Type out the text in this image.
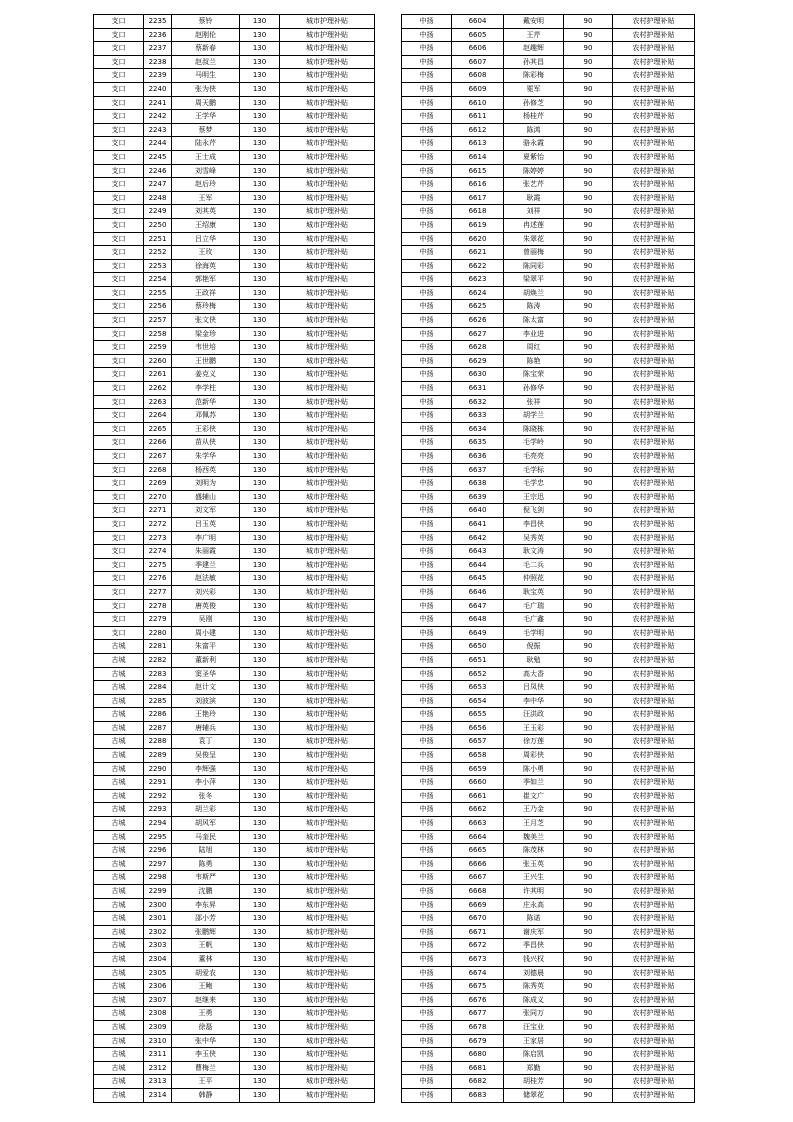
支口	2235	蔡铃	130	城市护理补贴
支口	2236	赵刚伦	130	城市护理补贴
支口	2237	蔡新春	130	城市护理补贴
支口	2238	赵叔兰	130	城市护理补贴
支口	2239	马明生	130	城市护理补贴
支口	2240	张为侠	130	城市护理补贴
支口	2241	周天鹏	130	城市护理补贴
支口	2242	王学华	130	城市护理补贴
支口	2243	蔡梦	130	城市护理补贴
支口	2244	陆永芹	130	城市护理补贴
支口	2245	王士成	130	城市护理补贴
支口	2246	刘雪峰	130	城市护理补贴
支口	2247	赵后玲	130	城市护理补贴
支口	2248	王军	130	城市护理补贴
支口	2249	刘其英	130	城市护理补贴
支口	2250	王绍康	130	城市护理补贴
支口	2251	吕立华	130	城市护理补贴
支口	2252	王玫	130	城市护理补贴
支口	2253	徐海英	130	城市护理补贴
支口	2254	郭艳军	130	城市护理补贴
支口	2255	王政祥	130	城市护理补贴
支口	2256	蔡玲梅	130	城市护理补贴
支口	2257	张文侠	130	城市护理补贴
支口	2258	梁金珍	130	城市护理补贴
支口	2259	韦世培	130	城市护理补贴
支口	2260	王世鹏	130	城市护理补贴
支口	2261	姜克义	130	城市护理补贴
支口	2262	李学柱	130	城市护理补贴
支口	2263	范新华	130	城市护理补贴
支口	2264	邓佩苏	130	城市护理补贴
支口	2265	王彩侠	130	城市护理补贴
支口	2266	苗从侠	130	城市护理补贴
支口	2267	朱学华	130	城市护理补贴
支口	2268	杨西英	130	城市护理补贴
支口	2269	刘明为	130	城市护理补贴
支口	2270	盛辅山	130	城市护理补贴
支口	2271	刘文军	130	城市护理补贴
支口	2272	吕玉英	130	城市护理补贴
支口	2273	李广明	130	城市护理补贴
支口	2274	朱丽霞	130	城市护理补贴
支口	2275	季建兰	130	城市护理补贴
支口	2276	赵法敏	130	城市护理补贴
支口	2277	刘兴彩	130	城市护理补贴
支口	2278	唐英俊	130	城市护理补贴
支口	2279	吴刚	130	城市护理补贴
支口	2280	周小建	130	城市护理补贴
古城	2281	朱富平	130	城市护理补贴
古城	2282	董新利	130	城市护理补贴
古城	2283	窦圣华	130	城市护理补贴
古城	2284	赵计文	130	城市护理补贴
古城	2285	刘波滨	130	城市护理补贴
古城	2286	王艳玲	130	城市护理补贴
古城	2287	唐辅兵	130	城市护理补贴
古城	2288	袁丁	130	城市护理补贴
古城	2289	吴俊呈	130	城市护理补贴
古城	2290	李辉强	130	城市护理补贴
古城	2291	李小萍	130	城市护理补贴
古城	2292	张冬	130	城市护理补贴
古城	2293	胡兰彩	130	城市护理补贴
古城	2294	胡风军	130	城市护理补贴
古城	2295	马奎民	130	城市护理补贴
古城	2296	陆旭	130	城市护理补贴
古城	2297	陈勇	130	城市护理补贴
古城	2298	韦斯严	130	城市护理补贴
古城	2299	沈鹏	130	城市护理补贴
古城	2300	李东昇	130	城市护理补贴
古城	2301	邵小芳	130	城市护理补贴
古城	2302	张鹏辉	130	城市护理补贴
古城	2303	王帆	130	城市护理补贴
古城	2304	董林	130	城市护理补贴
古城	2305	胡爱农	130	城市护理补贴
古城	2306	王鲍	130	城市护理补贴
古城	2307	赵继来	130	城市护理补贴
古城	2308	王勇	130	城市护理补贴
古城	2309	徐磊	130	城市护理补贴
古城	2310	张中华	130	城市护理补贴
古城	2311	李玉侠	130	城市护理补贴
古城	2312	曹梅兰	130	城市护理补贴
古城	2313	王平	130	城市护理补贴
古城	2314	韩静	130	城市护理补贴
中扬	6604	戴安明	90	农村护理补贴
中扬	6605	王芹	90	农村护理补贴
中扬	6606	赵趣辉	90	农村护理补贴
中扬	6607	孙其昌	90	农村护理补贴
中扬	6608	陈彩梅	90	农村护理补贴
中扬	6609	冕军	90	农村护理补贴
中扬	6610	孙修芝	90	农村护理补贴
中扬	6611	杨桂芹	90	农村护理补贴
中扬	6612	陈鸿	90	农村护理补贴
中扬	6613	骆永霞	90	农村护理补贴
中扬	6614	夏紫怡	90	农村护理补贴
中扬	6615	陈婷婷	90	农村护理补贴
中扬	6616	张艺芹	90	农村护理补贴
中扬	6617	耿霞	90	农村护理补贴
中扬	6618	刘祥	90	农村护理补贴
中扬	6619	冉述莲	90	农村护理补贴
中扬	6620	朱翠花	90	农村护理补贴
中扬	6621	曾丽梅	90	农村护理补贴
中扬	6622	陈同彩	90	农村护理补贴
中扬	6623	梁翠平	90	农村护理补贴
中扬	6624	胡焕兰	90	农村护理补贴
中扬	6625	陈涛	90	农村护理补贴
中扬	6626	陈太富	90	农村护理补贴
中扬	6627	李业进	90	农村护理补贴
中扬	6628	周红	90	农村护理补贴
中扬	6629	陈艳	90	农村护理补贴
中扬	6630	陈宝荣	90	农村护理补贴
中扬	6631	孙修华	90	农村护理补贴
中扬	6632	张祥	90	农村护理补贴
中扬	6633	胡学兰	90	农村护理补贴
中扬	6634	陈晓栋	90	农村护理补贴
中扬	6635	毛学岭	90	农村护理补贴
中扬	6636	毛亮亮	90	农村护理补贴
中扬	6637	毛学标	90	农村护理补贴
中扬	6638	毛学忠	90	农村护理补贴
中扬	6639	王宗迅	90	农村护理补贴
中扬	6640	倪飞剑	90	农村护理补贴
中扬	6641	李昌侠	90	农村护理补贴
中扬	6642	吴秀英	90	农村护理补贴
中扬	6643	耿文涛	90	农村护理补贴
中扬	6644	毛二兵	90	农村护理补贴
中扬	6645	仲照花	90	农村护理补贴
中扬	6646	耿宝英	90	农村护理补贴
中扬	6647	毛广瑞	90	农村护理补贴
中扬	6648	毛广鑫	90	农村护理补贴
中扬	6649	毛学明	90	农村护理补贴
中扬	6650	倪振	90	农村护理补贴
中扬	6651	耿勉	90	农村护理补贴
中扬	6652	高大香	90	农村护理补贴
中扬	6653	吕凤侠	90	农村护理补贴
中扬	6654	李中华	90	农村护理补贴
中扬	6655	汪洪政	90	农村护理补贴
中扬	6656	王玉彩	90	农村护理补贴
中扬	6657	徐万莲	90	农村护理补贴
中扬	6658	周彩侠	90	农村护理补贴
中扬	6659	陈小勇	90	农村护理补贴
中扬	6660	季如兰	90	农村护理补贴
中扬	6661	崔文广	90	农村护理补贴
中扬	6662	王乃金	90	农村护理补贴
中扬	6663	王月芝	90	农村护理补贴
中扬	6664	魏美兰	90	农村护理补贴
中扬	6665	陈茂林	90	农村护理补贴
中扬	6666	张玉英	90	农村护理补贴
中扬	6667	王兴生	90	农村护理补贴
中扬	6668	许其明	90	农村护理补贴
中扬	6669	庄永高	90	农村护理补贴
中扬	6670	陈诺	90	农村护理补贴
中扬	6671	谢庆军	90	农村护理补贴
中扬	6672	季昌侠	90	农村护理补贴
中扬	6673	钱兴权	90	农村护理补贴
中扬	6674	刘德晨	90	农村护理补贴
中扬	6675	陈秀英	90	农村护理补贴
中扬	6676	陈成义	90	农村护理补贴
中扬	6677	张同万	90	农村护理补贴
中扬	6678	汪宝业	90	农村护理补贴
中扬	6679	王家居	90	农村护理补贴
中扬	6680	陈启凯	90	农村护理补贴
中扬	6681	郑勤	90	农村护理补贴
中扬	6682	胡桂芳	90	农村护理补贴
中扬	6683	储翠花	90	农村护理补贴
